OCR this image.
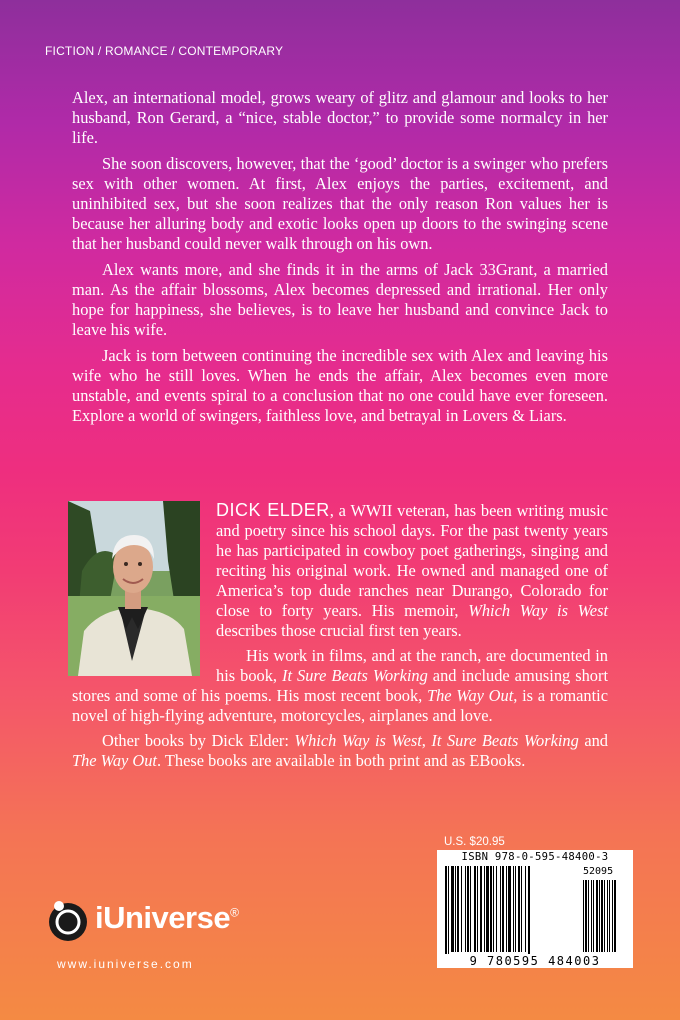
FICTION / ROMANCE / CONTEMPORARY

Alex, an international model, grows weary of glitz and glamour and looks to her husband, Ron Gerard, a “nice, stable doctor,” to provide some normalcy in her life.

She soon discovers, however, that the ‘good’ doctor is a swinger who prefers sex with other women. At first, Alex enjoys the parties, excitement, and uninhibited sex, but she soon realizes that the only reason Ron values her is because her alluring body and exotic looks open up doors to the swinging scene that her husband could never walk through on his own.

Alex wants more, and she finds it in the arms of Jack 33Grant, a married man. As the affair blossoms, Alex becomes depressed and irrational. Her only hope for happiness, she believes, is to leave her husband and convince Jack to leave his wife.

Jack is torn between continuing the incredible sex with Alex and leaving his wife who he still loves. When he ends the affair, Alex becomes even more unstable, and events spiral to a conclusion that no one could have ever foreseen. Explore a world of swingers, faithless love, and betrayal in Lovers & Liars.

DICK ELDER, a WWII veteran, has been writing music and poetry since his school days. For the past twenty years he has participated in cowboy poet gatherings, singing and reciting his original work. He owned and managed one of America’s top dude ranches near Durango, Colorado for close to forty years. His memoir, Which Way is West describes those crucial first ten years.

His work in films, and at the ranch, are documented in his book, It Sure Beats Working and include amusing short stores and some of his poems. His most recent book, The Way Out, is a romantic novel of high-flying adventure, motorcycles, airplanes and love.

Other books by Dick Elder: Which Way is West, It Sure Beats Working and The Way Out. These books are available in both print and as EBooks.

U.S. $20.95
ISBN 978-0-595-48400-3
52095
9 780595 484003
iUniverse®
www.iuniverse.com
